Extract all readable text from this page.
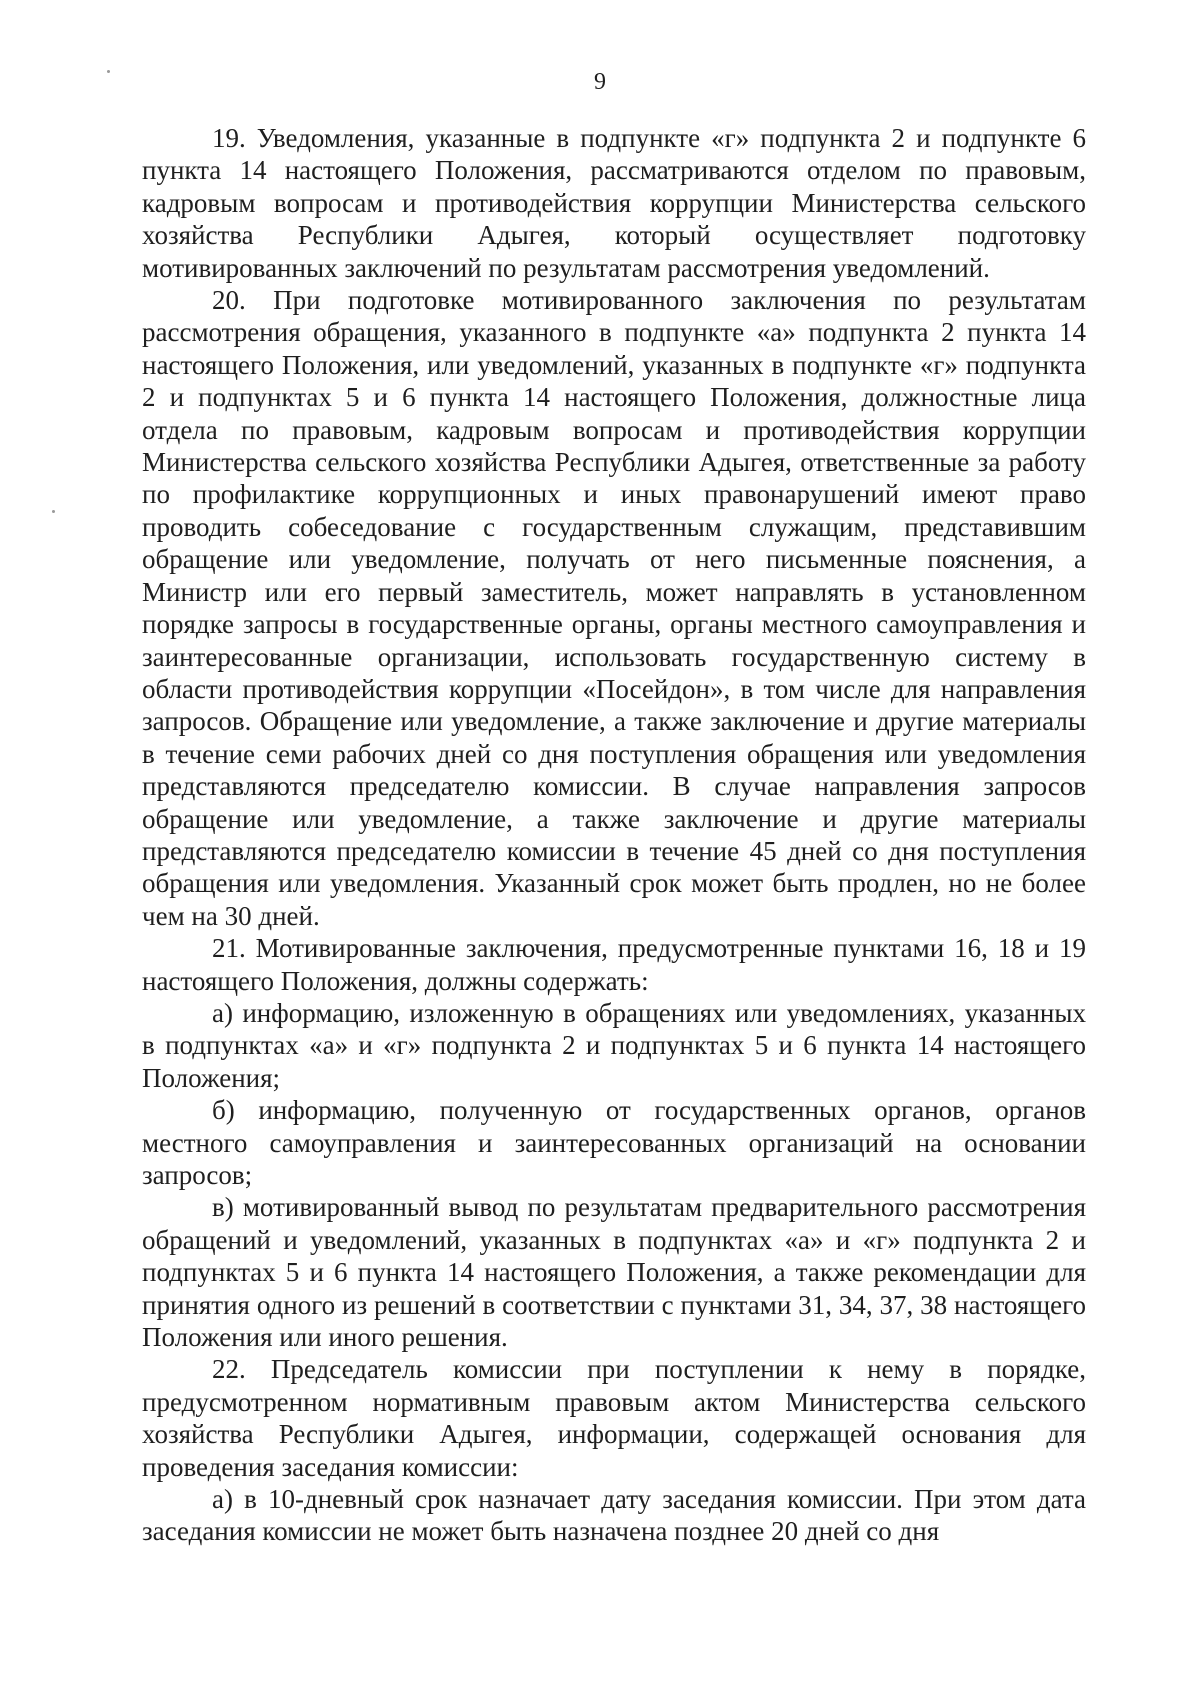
9

19. Уведомления, указанные в подпункте «г» подпункта 2 и подпункте 6 пункта 14 настоящего Положения, рассматриваются отделом по правовым, кадровым вопросам и противодействия коррупции Министерства сельского хозяйства Республики Адыгея, который осуществляет подготовку мотивированных заключений по результатам рассмотрения уведомлений.

20. При подготовке мотивированного заключения по результатам рассмотрения обращения, указанного в подпункте «а» подпункта 2 пункта 14 настоящего Положения, или уведомлений, указанных в подпункте «г» подпункта 2 и подпунктах 5 и 6 пункта 14 настоящего Положения, должностные лица отдела по правовым, кадровым вопросам и противодействия коррупции Министерства сельского хозяйства Республики Адыгея, ответственные за работу по профилактике коррупционных и иных правонарушений имеют право проводить собеседование с государственным служащим, представившим обращение или уведомление, получать от него письменные пояснения, а Министр или его первый заместитель, может направлять в установленном порядке запросы в государственные органы, органы местного самоуправления и заинтересованные организации, использовать государственную систему в области противодействия коррупции «Посейдон», в том числе для направления запросов. Обращение или уведомление, а также заключение и другие материалы в течение семи рабочих дней со дня поступления обращения или уведомления представляются председателю комиссии. В случае направления запросов обращение или уведомление, а также заключение и другие материалы представляются председателю комиссии в течение 45 дней со дня поступления обращения или уведомления. Указанный срок может быть продлен, но не более чем на 30 дней.

21. Мотивированные заключения, предусмотренные пунктами 16, 18 и 19 настоящего Положения, должны содержать:

а) информацию, изложенную в обращениях или уведомлениях, указанных в подпунктах «а» и «г» подпункта 2 и подпунктах 5 и 6 пункта 14 настоящего Положения;

б) информацию, полученную от государственных органов, органов местного самоуправления и заинтересованных организаций на основании запросов;

в) мотивированный вывод по результатам предварительного рассмотрения обращений и уведомлений, указанных в подпунктах «а» и «г» подпункта 2 и подпунктах 5 и 6 пункта 14 настоящего Положения, а также рекомендации для принятия одного из решений в соответствии с пунктами 31, 34, 37, 38 настоящего Положения или иного решения.

22. Председатель комиссии при поступлении к нему в порядке, предусмотренном нормативным правовым актом Министерства сельского хозяйства Республики Адыгея, информации, содержащей основания для проведения заседания комиссии:

а) в 10-дневный срок назначает дату заседания комиссии. При этом дата заседания комиссии не может быть назначена позднее 20 дней со дня
